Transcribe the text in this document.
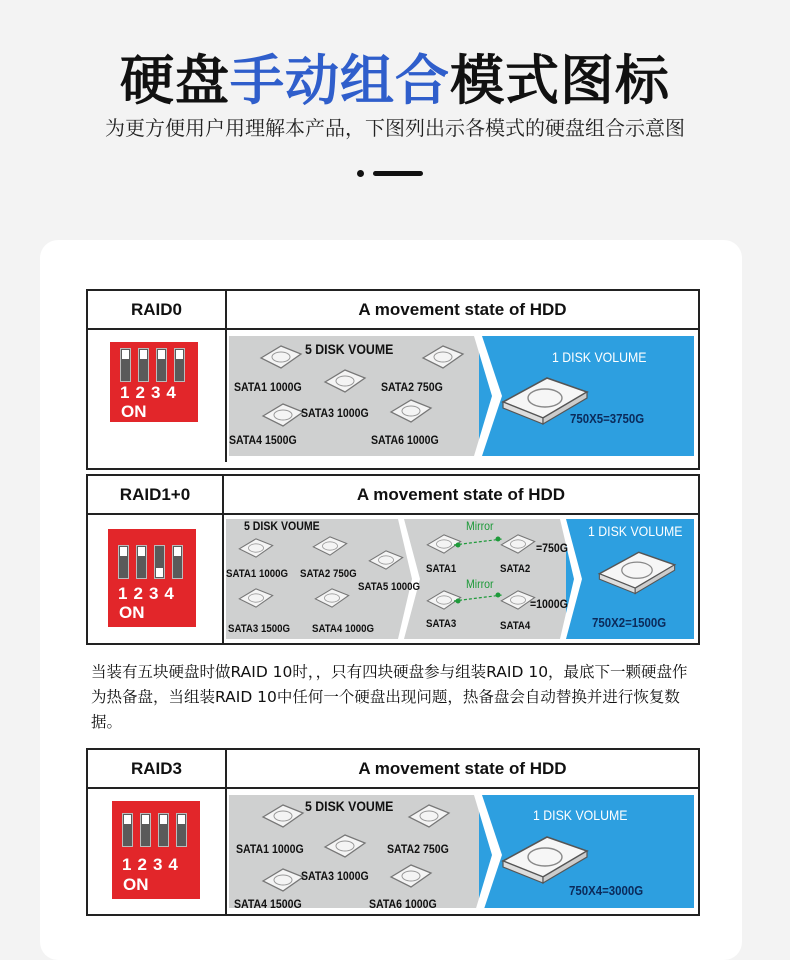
硬盘手动组合模式图标
为更方便用户用理解本产品，下图列出示各模式的硬盘组合示意图
RAID0	A movement state of HDD
1234
ON
5 DISK VOUME
SATA1 1000G	SATA2 750G
SATA3 1000G
SATA4 1500G	SATA6 1000G
1 DISK VOLUME
750X5=3750G
RAID1+0	A movement state of HDD
1234
ON
5 DISK VOUME
SATA1 1000G SATA2 750G
SATA5 1000G
SATA3 1500G SATA4 1000G
Mirror
SATA1	SATA2
=750G
Mirror
SATA3	SATA4
=1000G
1 DISK VOLUME
750X2=1500G
当装有五块硬盘时做RAID 10时，，只有四块硬盘参与组装RAID 10，最底下一颗硬盘作为热备盘，当组装RAID 10中任何一个硬盘出现问题，热备盘会自动替换并进行恢复数据。
RAID3	A movement state of HDD
1234
ON
5 DISK VOUME
SATA1 1000G	SATA2 750G
SATA3 1000G
SATA4 1500G	SATA6 1000G
1 DISK VOLUME
750X4=3000G
